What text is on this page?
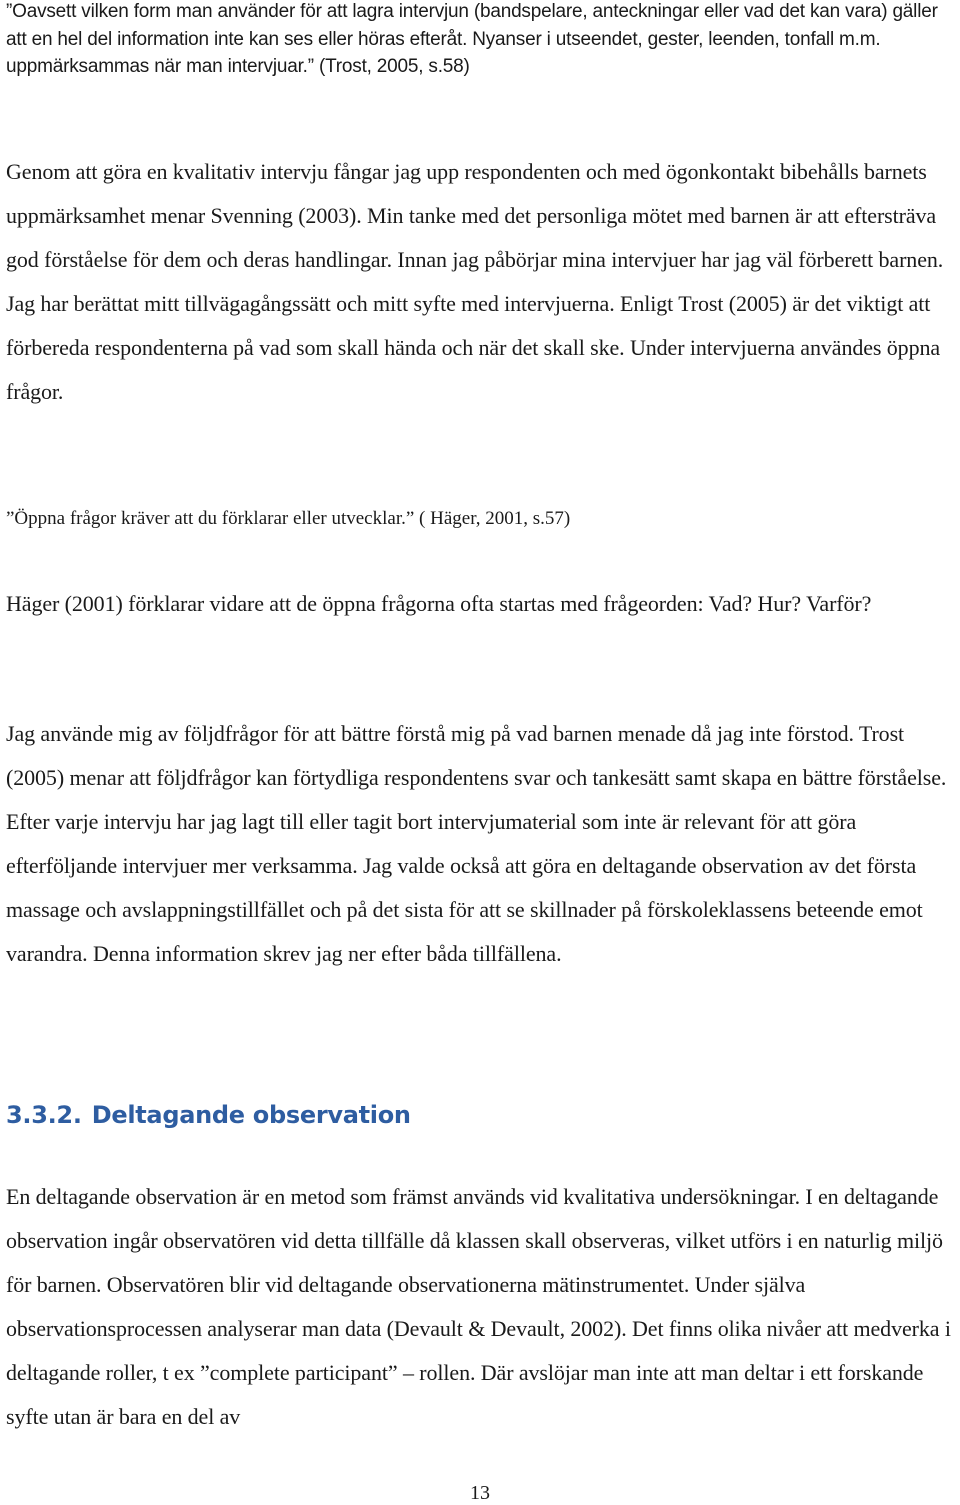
”Oavsett vilken form man använder för att lagra intervjun (bandspelare, anteckningar eller vad det kan vara) gäller att en hel del information inte kan ses eller höras efteråt. Nyanser i utseendet, gester, leenden, tonfall m.m. uppmärksammas när man intervjuar.” (Trost, 2005, s.58)

Genom att göra en kvalitativ intervju fångar jag upp respondenten och med ögonkontakt bibehålls barnets uppmärksamhet menar Svenning (2003). Min tanke med det personliga mötet med barnen är att eftersträva god förståelse för dem och deras handlingar. Innan jag påbörjar mina intervjuer har jag väl förberett barnen. Jag har berättat mitt tillvägagångssätt och mitt syfte med intervjuerna. Enligt Trost (2005) är det viktigt att förbereda respondenterna på vad som skall hända och när det skall ske. Under intervjuerna användes öppna frågor.

”Öppna frågor kräver att du förklarar eller utvecklar.” ( Häger, 2001, s.57)

Häger (2001) förklarar vidare att de öppna frågorna ofta startas med frågeorden: Vad? Hur? Varför?

Jag använde mig av följdfrågor för att bättre förstå mig på vad barnen menade då jag inte förstod. Trost (2005) menar att följdfrågor kan förtydliga respondentens svar och tankesätt samt skapa en bättre förståelse. Efter varje intervju har jag lagt till eller tagit bort intervjumaterial som inte är relevant för att göra efterföljande intervjuer mer verksamma. Jag valde också att göra en deltagande observation av det första massage och avslappningstillfället och på det sista för att se skillnader på förskoleklassens beteende emot varandra. Denna information skrev jag ner efter båda tillfällena.

3.3.2. Deltagande observation

En deltagande observation är en metod som främst används vid kvalitativa undersökningar. I en deltagande observation ingår observatören vid detta tillfälle då klassen skall observeras, vilket utförs i en naturlig miljö för barnen. Observatören blir vid deltagande observationerna mätinstrumentet. Under själva observationsprocessen analyserar man data (Devault & Devault, 2002). Det finns olika nivåer att medverka i deltagande roller, t ex ”complete participant” – rollen. Där avslöjar man inte att man deltar i ett forskande syfte utan är bara en del av

13
